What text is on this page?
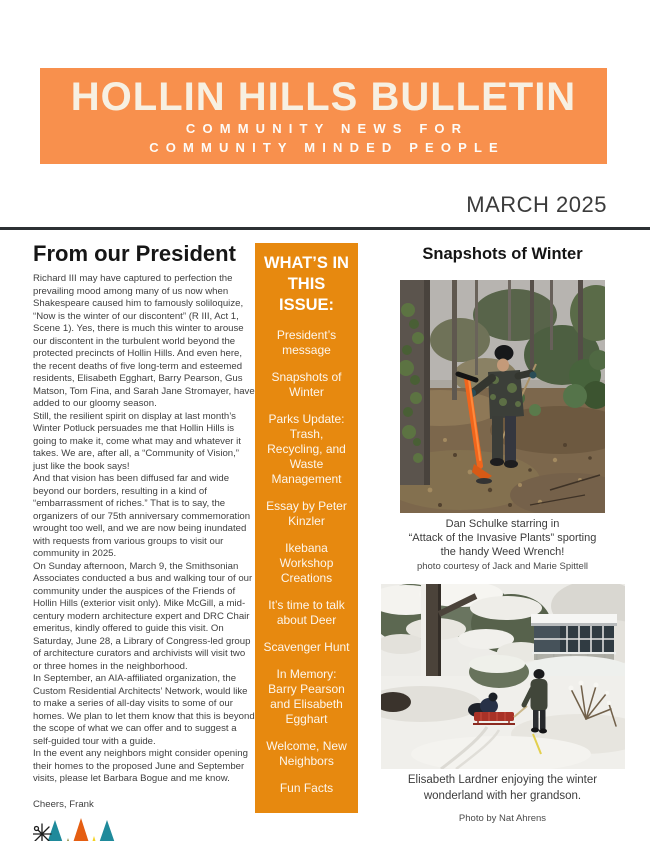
HOLLIN HILLS BULLETIN
COMMUNITY NEWS FOR
COMMUNITY MINDED PEOPLE
MARCH 2025
From our President

Richard III may have captured to perfection the prevailing mood among many of us now when Shakespeare caused him to famously soliloquize, “Now is the winter of our discontent” (R III, Act 1, Scene 1). Yes, there is much this winter to arouse our discontent in the turbulent world beyond the protected precincts of Hollin Hills. And even here, the recent deaths of five long-term and esteemed residents, Elisabeth Egghart, Barry Pearson, Gus Matson, Tom Fina, and Sarah Jane Stromayer, have added to our gloomy season.

Still, the resilient spirit on display at last month’s Winter Potluck persuades me that Hollin Hills is going to make it, come what may and whatever it takes. We are, after all, a “Community of Vision,” just like the book says!

And that vision has been diffused far and wide beyond our borders, resulting in a kind of “embarrassment of riches.” That is to say, the organizers of our 75th anniversary commemoration wrought too well, and we are now being inundated with requests from various groups to visit our community in 2025.

On Sunday afternoon, March 9, the Smithsonian Associates conducted a bus and walking tour of our community under the auspices of the Friends of Hollin Hills (exterior visit only). Mike McGill, a mid-century modern architecture expert and DRC Chair emeritus, kindly offered to guide this visit. On Saturday, June 28, a Library of Congress-led group of architecture curators and archivists will visit two or three homes in the neighborhood.

In September, an AIA-affiliated organization, the Custom Residential Architects’ Network, would like to make a series of all-day visits to some of our homes. We plan to let them know that this is beyond the scope of what we can offer and to suggest a self-guided tour with a guide.

In the event any neighbors might consider opening their homes to the proposed June and September visits, please let Barbara Bogue and me know.

Cheers, Frank
WHAT’S IN THIS ISSUE:
President’s message
Snapshots of Winter
Parks Update: Trash, Recycling, and Waste Management
Essay by Peter Kinzler
Ikebana Workshop Creations
It’s time to talk about Deer
Scavenger Hunt
In Memory: Barry Pearson and Elisabeth Egghart
Welcome, New Neighbors
Fun Facts
Snapshots of Winter
Dan Schulke starring in
“Attack of the Invasive Plants” sporting
the handy Weed Wrench!
photo courtesy of Jack and Marie Spittell
Elisabeth Lardner enjoying the winter
wonderland with her grandson.
Photo by Nat Ahrens
